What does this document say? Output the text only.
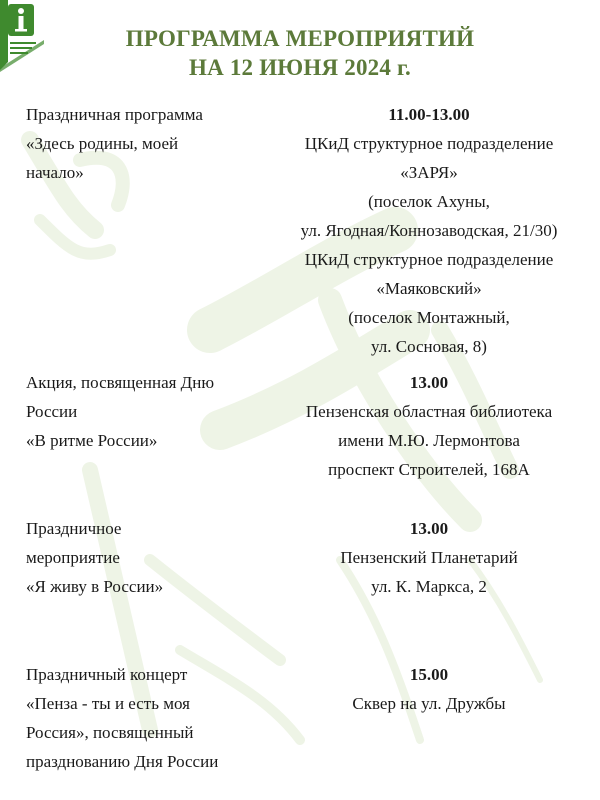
ПРОГРАММА МЕРОПРИЯТИЙ
НА 12 ИЮНЯ 2024 г.
Праздничная программа
«Здесь родины, моей
начало»
11.00-13.00
ЦКиД структурное подразделение
«ЗАРЯ»
(поселок Ахуны,
ул. Ягодная/Коннозаводская, 21/30)
ЦКиД структурное подразделение
«Маяковский»
(поселок Монтажный,
ул. Сосновая, 8)
Акция, посвященная Дню
России
«В ритме России»
13.00
Пензенская областная библиотека
имени М.Ю. Лермонтова
проспект Строителей, 168А
Праздничное
мероприятие
«Я живу в России»
13.00
Пензенский Планетарий
ул. К. Маркса, 2
Праздничный концерт
«Пенза - ты и есть моя
Россия», посвященный
празднованию Дня России
15.00
Сквер на ул. Дружбы
